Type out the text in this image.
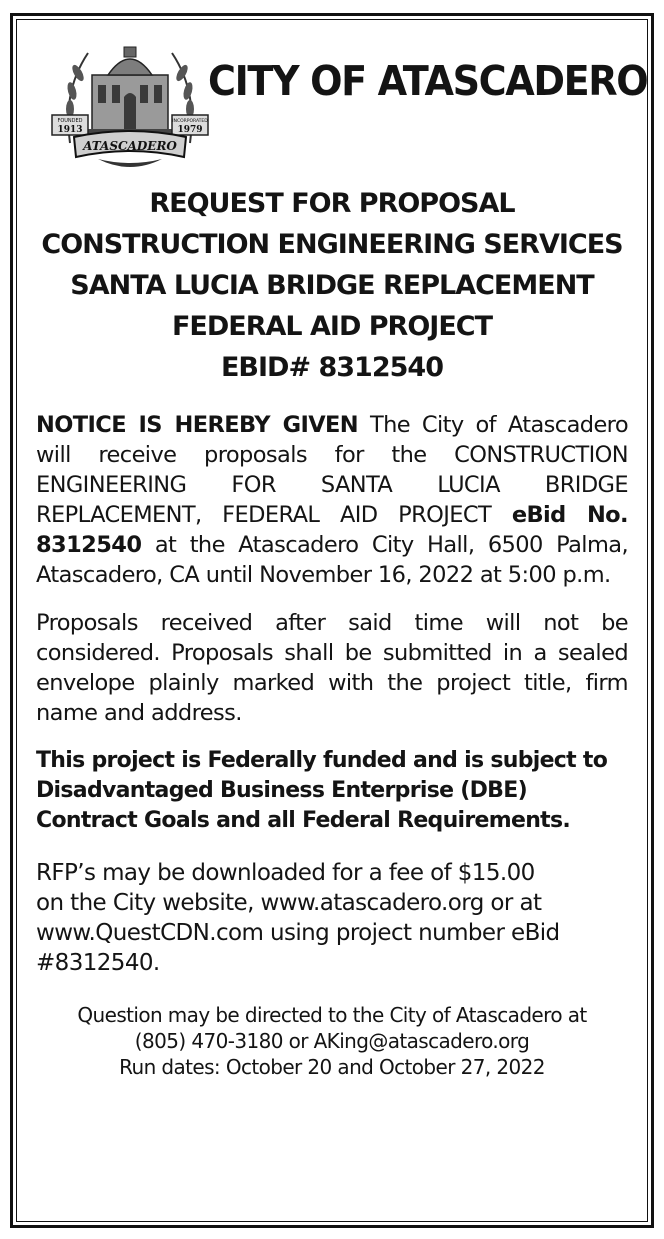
FOUNDED
1913
INCORPORATED
1979
ATASCADERO
CITY OF ATASCADERO
REQUEST FOR PROPOSAL
CONSTRUCTION ENGINEERING SERVICES
SANTA LUCIA BRIDGE REPLACEMENT
FEDERAL AID PROJECT
EBID# 8312540

NOTICE IS HEREBY GIVEN The City of Atascadero will receive proposals for the CONSTRUCTION ENGINEERING FOR SANTA LUCIA BRIDGE REPLACEMENT, FEDERAL AID PROJECT eBid No. 8312540 at the Atascadero City Hall, 6500 Palma, Atascadero, CA until November 16, 2022 at 5:00 p.m.

Proposals received after said time will not be considered. Proposals shall be submitted in a sealed envelope plainly marked with the project title, firm name and address.

This project is Federally funded and is subject to Disadvantaged Business Enterprise (DBE) Contract Goals and all Federal Requirements.

RFP’s may be downloaded for a fee of $15.00
on the City website, www.atascadero.org or at
www.QuestCDN.com using project number eBid
#8312540.
Question may be directed to the City of Atascadero at
(805) 470-3180 or AKing@atascadero.org
Run dates: October 20 and October 27, 2022
